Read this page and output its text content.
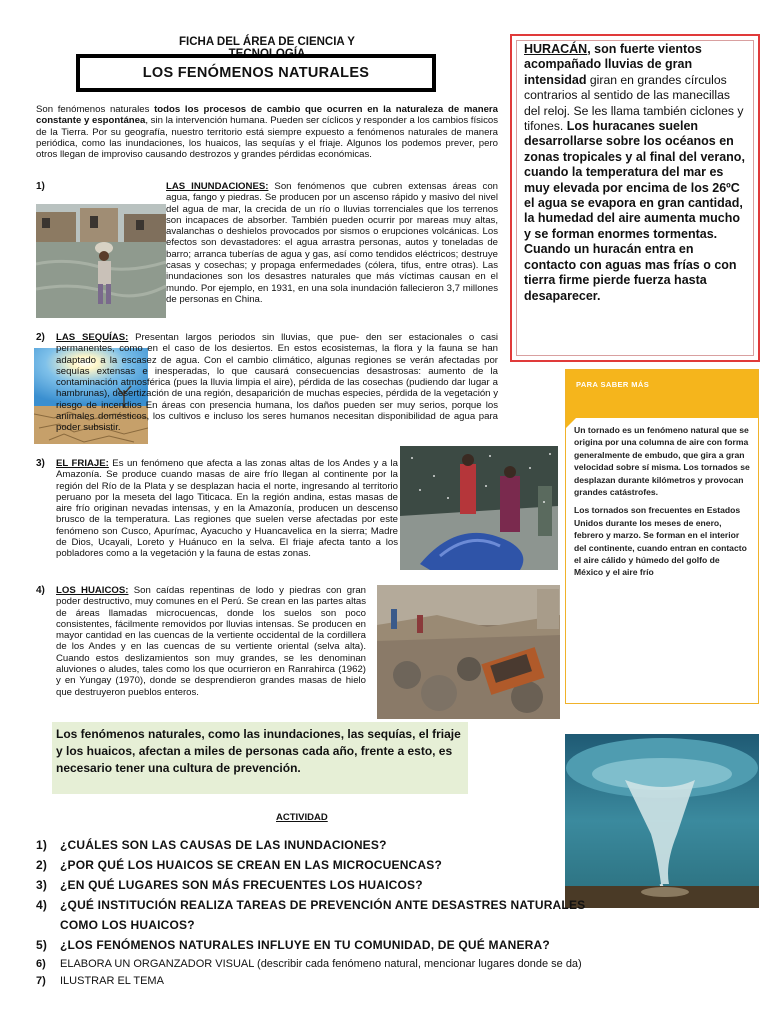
FICHA DEL ÁREA DE CIENCIA Y TECNOLOGÍA
LOS FENÓMENOS NATURALES
Son fenómenos naturales todos los procesos de cambio que ocurren en la naturaleza de manera constante y espontánea, sin la intervención humana. Pueden ser cíclicos y responder a los cambios físicos de la Tierra. Por su geografía, nuestro territorio está siempre expuesto a fenómenos naturales de manera periódica, como las inundaciones, los huaicos, las sequías y el friaje. Algunos los podemos prever, pero otros llegan de improviso causando destrozos y grandes pérdidas económicas.
1)	LAS INUNDACIONES: Son fenómenos que cubren extensas áreas con agua, fango y piedras. Se producen por un ascenso rápido y masivo del nivel del agua de mar, la crecida de un río o lluvias torrenciales que los terrenos son incapaces de absorber. También pueden ocurrir por mareas muy altas, avalanchas o deshielos provocados por sismos o erupciones volcánicas. Los efectos son devastadores: el agua arrastra personas, autos y toneladas de barro; arranca tuberías de agua y gas, así como tendidos eléctricos; destruye casas y cosechas; y propaga enfermedades (cólera, tifus, entre otras). Las inundaciones son los desastres naturales que más víctimas causan en el mundo. Por ejemplo, en 1931, en una sola inundación fallecieron 3,7 millones de personas en China.
2) LAS SEQUÍAS: Presentan largos periodos sin lluvias, que pue- den ser estacionales o casi permanentes, como en el caso de los desiertos. En estos ecosistemas, la flora y la fauna se han adaptado a la escasez de agua. Con el cambio climático, algunas regiones se verán afectadas por sequías extensas e inesperadas, lo que causará consecuencias desastrosas: aumento de la contaminación atmosférica (pues la lluvia limpia el aire), pérdida de las cosechas (pudiendo dar lugar a hambrunas), desertización de una región, desaparición de muchas especies, pérdida de la vegetación y riesgo de incendios En áreas con presencia humana, los daños pueden ser muy serios, porque los animales domésticos, los cultivos e incluso los seres humanos necesitan disponibilidad de agua para poder subsistir.
3) EL FRIAJE: Es un fenómeno que afecta a las zonas altas de los Andes y a la Amazonía. Se produce cuando masas de aire frío llegan al continente por la región del Río de la Plata y se desplazan hacia el norte, ingresando al territorio peruano por la meseta del lago Titicaca. En la región andina, estas masas de aire frío originan nevadas intensas, y en la Amazonía, producen un descenso brusco de la temperatura. Las regiones que suelen verse afectadas por este fenómeno son Cusco, Apurímac, Ayacucho y Huancavelica en la sierra; Madre de Dios, Ucayali, Loreto y Huánuco en la selva. El friaje afecta tanto a los pobladores como a la vegetación y la fauna de estas zonas.
4) LOS HUAICOS: Son caídas repentinas de lodo y piedras con gran poder destructivo, muy comunes en el Perú. Se crean en las partes altas de áreas llamadas microcuencas, donde los suelos son poco consistentes, fácilmente removidos por lluvias intensas. Se producen en mayor cantidad en las cuencas de la vertiente occidental de la cordillera de los Andes y en las cuencas de su vertiente oriental (selva alta). Cuando estos deslizamientos son muy grandes, se les denominan aluviones o aludes, tales como los que ocurrieron en Ranrahirca (1962) y en Yungay (1970), donde se desprendieron grandes masas de hielo que destruyeron pueblos enteros.
HURACÁN, son fuerte vientos acompañado lluvias de gran intensidad giran en grandes círculos contrarios al sentido de las manecillas del reloj. Se les llama también ciclones y tifones. Los huracanes suelen desarrollarse sobre los océanos en zonas tropicales y al final del verano, cuando la temperatura del mar es muy elevada por encima de los 26ºC el agua se evapora en gran cantidad, la humedad del aire aumenta mucho y se forman enormes tormentas. Cuando un huracán entra en contacto con aguas mas frías o con tierra firme pierde fuerza hasta desaparecer.
PARA SABER MÁS
Un tornado es un fenómeno natural que se origina por una columna de aire con forma generalmente de embudo, que gira a gran velocidad sobre sí misma. Los tornados se desplazan durante kilómetros y provocan grandes catástrofes.
Los tornados son frecuentes en Estados Unidos durante los meses de enero, febrero y marzo. Se forman en el interior del continente, cuando entran en contacto el aire cálido y húmedo del golfo de México y el aire frío
Los fenómenos naturales, como las inundaciones, las sequías, el friaje y los huaicos, afectan a miles de personas cada año, frente a esto, es necesario tener una cultura de prevención.
ACTIVIDAD
1) ¿CUÁLES SON LAS CAUSAS DE LAS INUNDACIONES?
2) ¿POR QUÉ LOS HUAICOS SE CREAN EN LAS MICROCUENCAS?
3) ¿EN QUÉ LUGARES SON MÁS FRECUENTES LOS HUAICOS?
4) ¿QUÉ INSTITUCIÓN REALIZA TAREAS DE PREVENCIÓN ANTE DESASTRES NATURALES
COMO LOS HUAICOS?
5) ¿LOS FENÓMENOS NATURALES INFLUYE EN TU COMUNIDAD, DE QUÉ MANERA?
6) ELABORA UN ORGANZADOR VISUAL (describir cada fenómeno natural, mencionar lugares donde se da)
7) ILUSTRAR EL TEMA
